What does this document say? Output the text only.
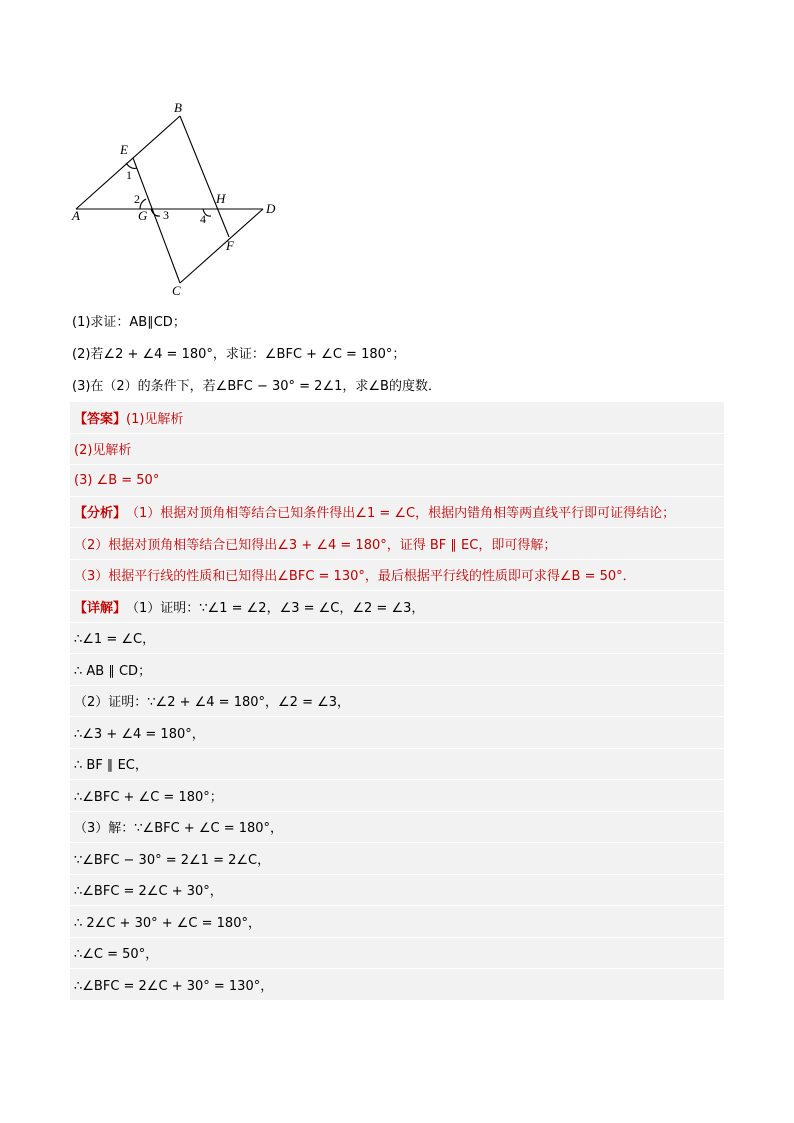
B
E
A	G
H
D
F
C
1
2
3	4
(1)求证：AB∥CD；
(2)若∠2 + ∠4 = 180°，求证：∠BFC + ∠C = 180°；
(3)在（2）的条件下，若∠BFC − 30° = 2∠1，求∠B的度数．
【答案】 (1)见解析
(2)见解析
(3) ∠B = 50°
【分析】 （1）根据对顶角相等结合已知条件得出∠1 = ∠C，根据内错角相等两直线平行即可证得结论；
（2）根据对顶角相等结合已知得出∠3 + ∠4 = 180°，证得 BF ∥ EC，即可得解；
（3）根据平行线的性质和已知得出∠BFC = 130°，最后根据平行线的性质即可求得∠B = 50°．
【详解】 （1）证明：∵∠1 = ∠2，∠3 = ∠C，∠2 = ∠3，
∴∠1 = ∠C，
∴ AB ∥ CD；
（2）证明：∵∠2 + ∠4 = 180°，∠2 = ∠3，
∴∠3 + ∠4 = 180°，
∴ BF ∥ EC，
∴∠BFC + ∠C = 180°；
（3）解：∵∠BFC + ∠C = 180°，
∵∠BFC − 30° = 2∠1 = 2∠C，
∴∠BFC = 2∠C + 30°，
∴ 2∠C + 30° + ∠C = 180°，
∴∠C = 50°，
∴∠BFC = 2∠C + 30° = 130°，
